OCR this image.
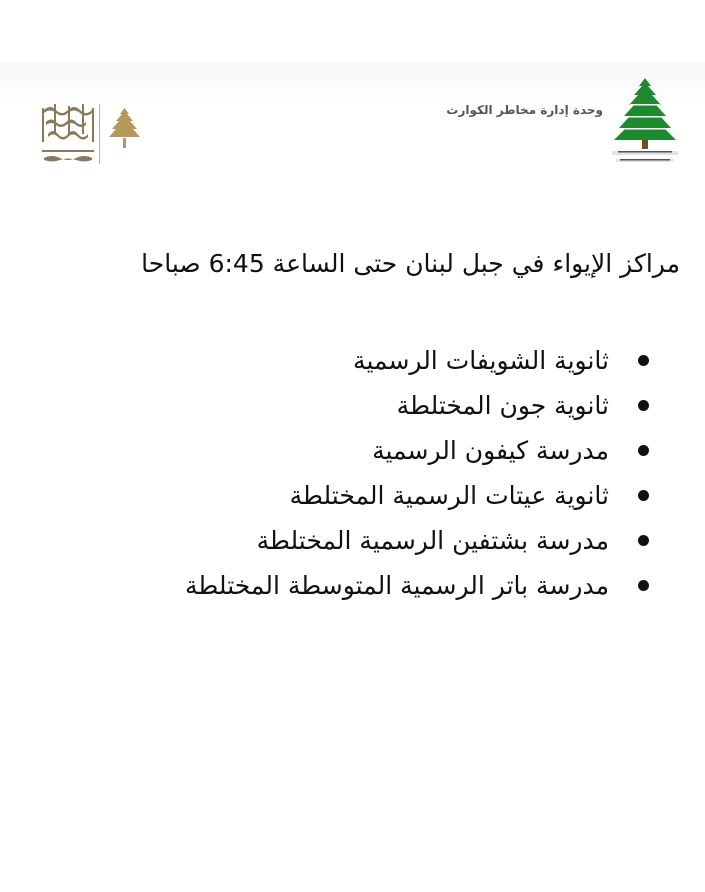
وحدة إدارة مخاطر الكوارث
مراكز الإيواء في جبل لبنان حتى الساعة 6:45 صباحا
ثانوية الشويفات الرسمية
ثانوية جون المختلطة
مدرسة كيفون الرسمية
ثانوية عيتات الرسمية المختلطة
مدرسة بشتفين الرسمية المختلطة
مدرسة باتر الرسمية المتوسطة المختلطة
